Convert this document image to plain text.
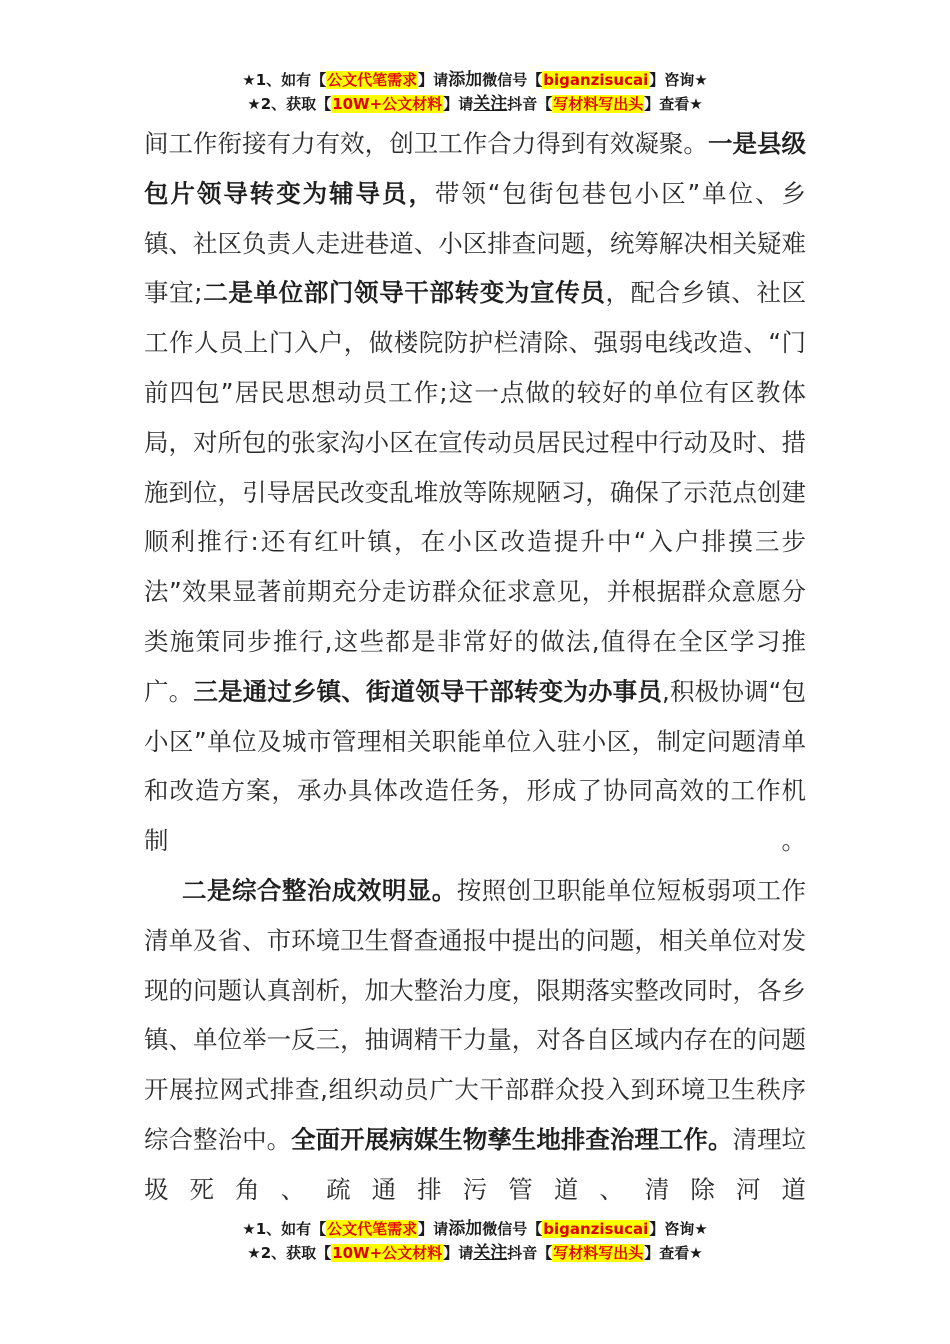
★1、如有【公文代笔需求】请添加微信号【biganzisucai】咨询★
★2、获取【10W+公文材料】请关注抖音【写材料写出头】查看★

间工作衔接有力有效，创卫工作合力得到有效凝聚。一是县级包片领导转变为辅导员，带领“包街包巷包小区”单位、乡镇、社区负责人走进巷道、小区排查问题，统筹解决相关疑难事宜;二是单位部门领导干部转变为宣传员，配合乡镇、社区工作人员上门入户，做楼院防护栏清除、强弱电线改造、“门前四包”居民思想动员工作;这一点做的较好的单位有区教体局，对所包的张家沟小区在宣传动员居民过程中行动及时、措施到位，引导居民改变乱堆放等陈规陋习，确保了示范点创建顺利推行:还有红叶镇，在小区改造提升中“入户排摸三步法”效果显著前期充分走访群众征求意见，并根据群众意愿分类施策同步推行,这些都是非常好的做法,值得在全区学习推广。三是通过乡镇、街道领导干部转变为办事员,积极协调“包小区”单位及城市管理相关职能单位入驻小区，制定问题清单和改造方案，承办具体改造任务，形成了协同高效的工作机制。

二是综合整治成效明显。按照创卫职能单位短板弱项工作清单及省、市环境卫生督查通报中提出的问题，相关单位对发现的问题认真剖析，加大整治力度，限期落实整改同时，各乡镇、单位举一反三，抽调精干力量，对各自区域内存在的问题开展拉网式排查,组织动员广大干部群众投入到环境卫生秩序综合整治中。全面开展病媒生物孳生地排查治理工作。清理垃圾死角、疏通排污管道、清除河道

★1、如有【公文代笔需求】请添加微信号【biganzisucai】咨询★
★2、获取【10W+公文材料】请关注抖音【写材料写出头】查看★
